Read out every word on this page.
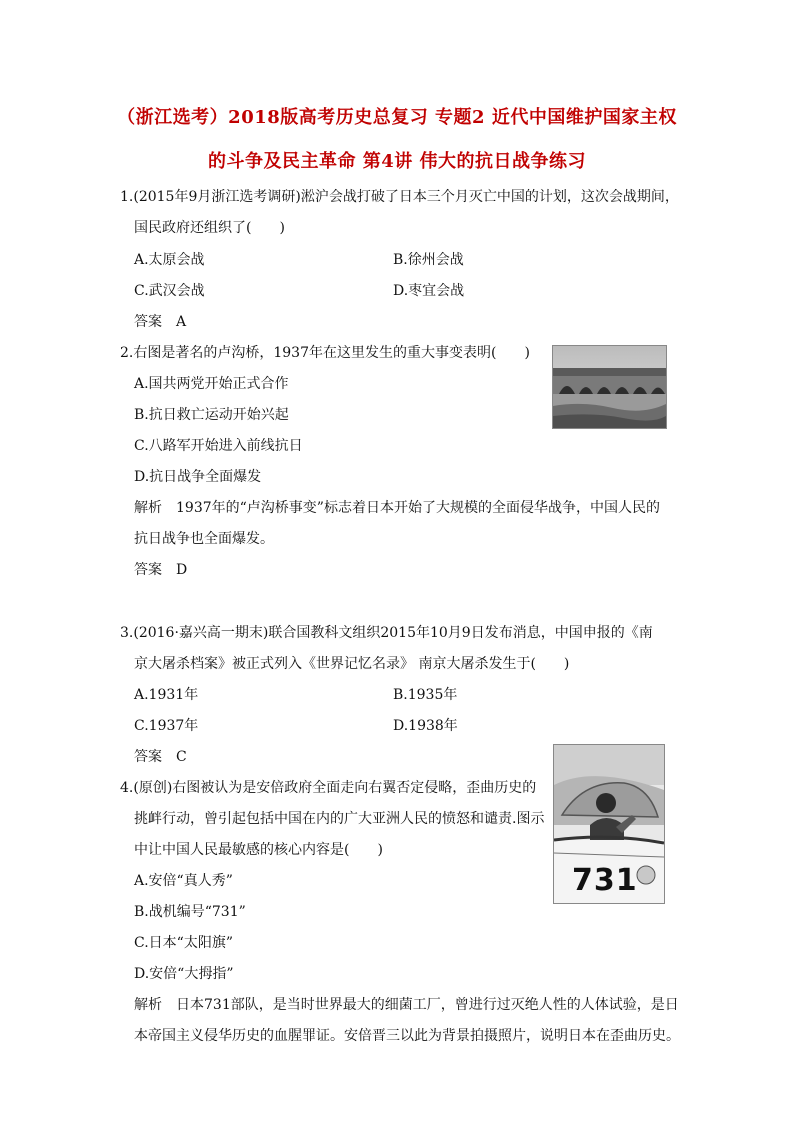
（浙江选考）2018版高考历史总复习 专题2 近代中国维护国家主权
的斗争及民主革命 第4讲 伟大的抗日战争练习
1.(2015年9月浙江选考调研)淞沪会战打破了日本三个月灭亡中国的计划，这次会战期间，
国民政府还组织了(　　)
A.太原会战	B.徐州会战
C.武汉会战	D.枣宜会战
答案　A
2.右图是著名的卢沟桥，1937年在这里发生的重大事变表明(　　)
A.国共两党开始正式合作
B.抗日救亡运动开始兴起
C.八路军开始进入前线抗日
D.抗日战争全面爆发
解析　1937年的“卢沟桥事变”标志着日本开始了大规模的全面侵华战争，中国人民的
抗日战争也全面爆发。
答案　D
3.(2016·嘉兴高一期末)联合国教科文组织2015年10月9日发布消息，中国申报的《南
京大屠杀档案》被正式列入《世界记忆名录》 南京大屠杀发生于(　　)
A.1931年	B.1935年
C.1937年	D.1938年
答案　C
4.(原创)右图被认为是安倍政府全面走向右翼否定侵略，歪曲历史的
挑衅行动，曾引起包括中国在内的广大亚洲人民的愤怒和谴责.图示
中让中国人民最敏感的核心内容是(　　)
A.安倍“真人秀”
B.战机编号“731”
C.日本“太阳旗”
D.安倍“大拇指”
解析　日本731部队，是当时世界最大的细菌工厂，曾进行过灭绝人性的人体试验，是日
本帝国主义侵华历史的血腥罪证。安倍晋三以此为背景拍摄照片，说明日本在歪曲历史。
731
